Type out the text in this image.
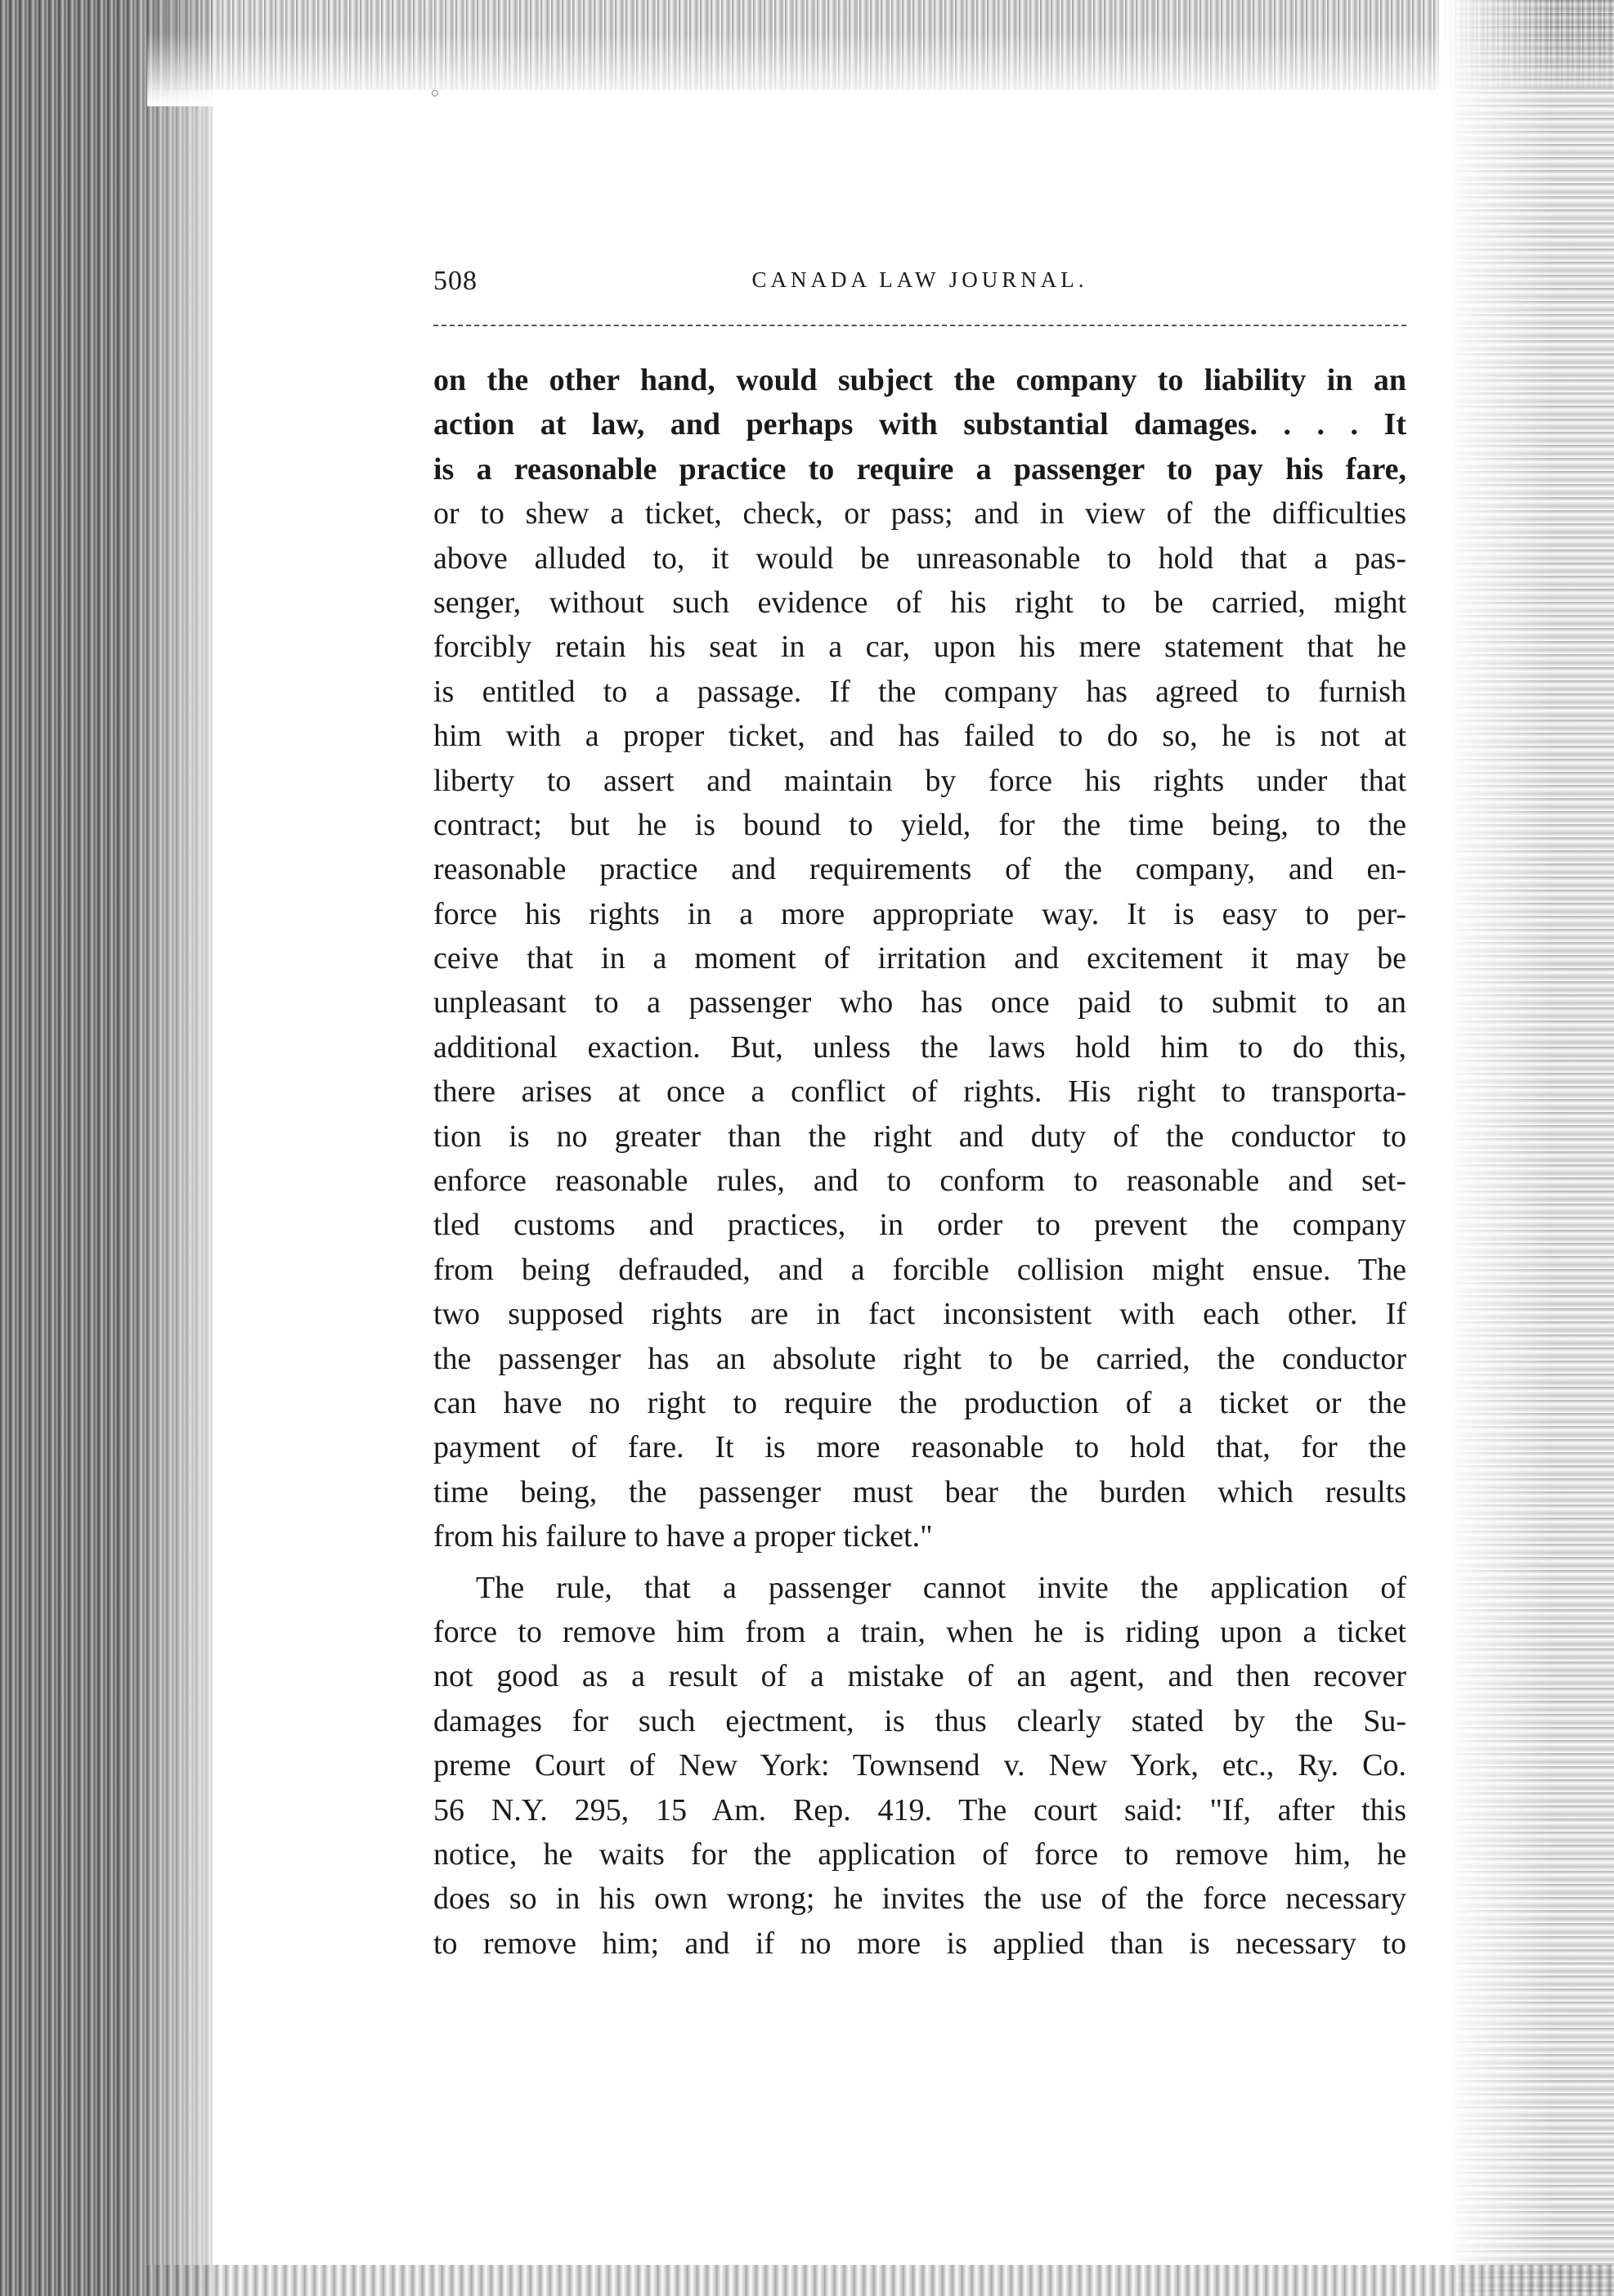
508	CANADA LAW JOURNAL.
on the other hand, would subject the company to liability in an
action at law, and perhaps with substantial damages. . . . It
is a reasonable practice to require a passenger to pay his fare,
or to shew a ticket, check, or pass; and in view of the difficulties
above alluded to, it would be unreasonable to hold that a pas-
senger, without such evidence of his right to be carried, might
forcibly retain his seat in a car, upon his mere statement that he
is entitled to a passage. If the company has agreed to furnish
him with a proper ticket, and has failed to do so, he is not at
liberty to assert and maintain by force his rights under that
contract; but he is bound to yield, for the time being, to the
reasonable practice and requirements of the company, and en-
force his rights in a more appropriate way. It is easy to per-
ceive that in a moment of irritation and excitement it may be
unpleasant to a passenger who has once paid to submit to an
additional exaction. But, unless the laws hold him to do this,
there arises at once a conflict of rights. His right to transporta-
tion is no greater than the right and duty of the conductor to
enforce reasonable rules, and to conform to reasonable and set-
tled customs and practices, in order to prevent the company
from being defrauded, and a forcible collision might ensue. The
two supposed rights are in fact inconsistent with each other. If
the passenger has an absolute right to be carried, the conductor
can have no right to require the production of a ticket or the
payment of fare. It is more reasonable to hold that, for the
time being, the passenger must bear the burden which results
from his failure to have a proper ticket."
The rule, that a passenger cannot invite the application of
force to remove him from a train, when he is riding upon a ticket
not good as a result of a mistake of an agent, and then recover
damages for such ejectment, is thus clearly stated by the Su-
preme Court of New York: Townsend v. New York, etc., Ry. Co.
56 N.Y. 295, 15 Am. Rep. 419. The court said: "If, after this
notice, he waits for the application of force to remove him, he
does so in his own wrong; he invites the use of the force necessary
to remove him; and if no more is applied than is necessary to
